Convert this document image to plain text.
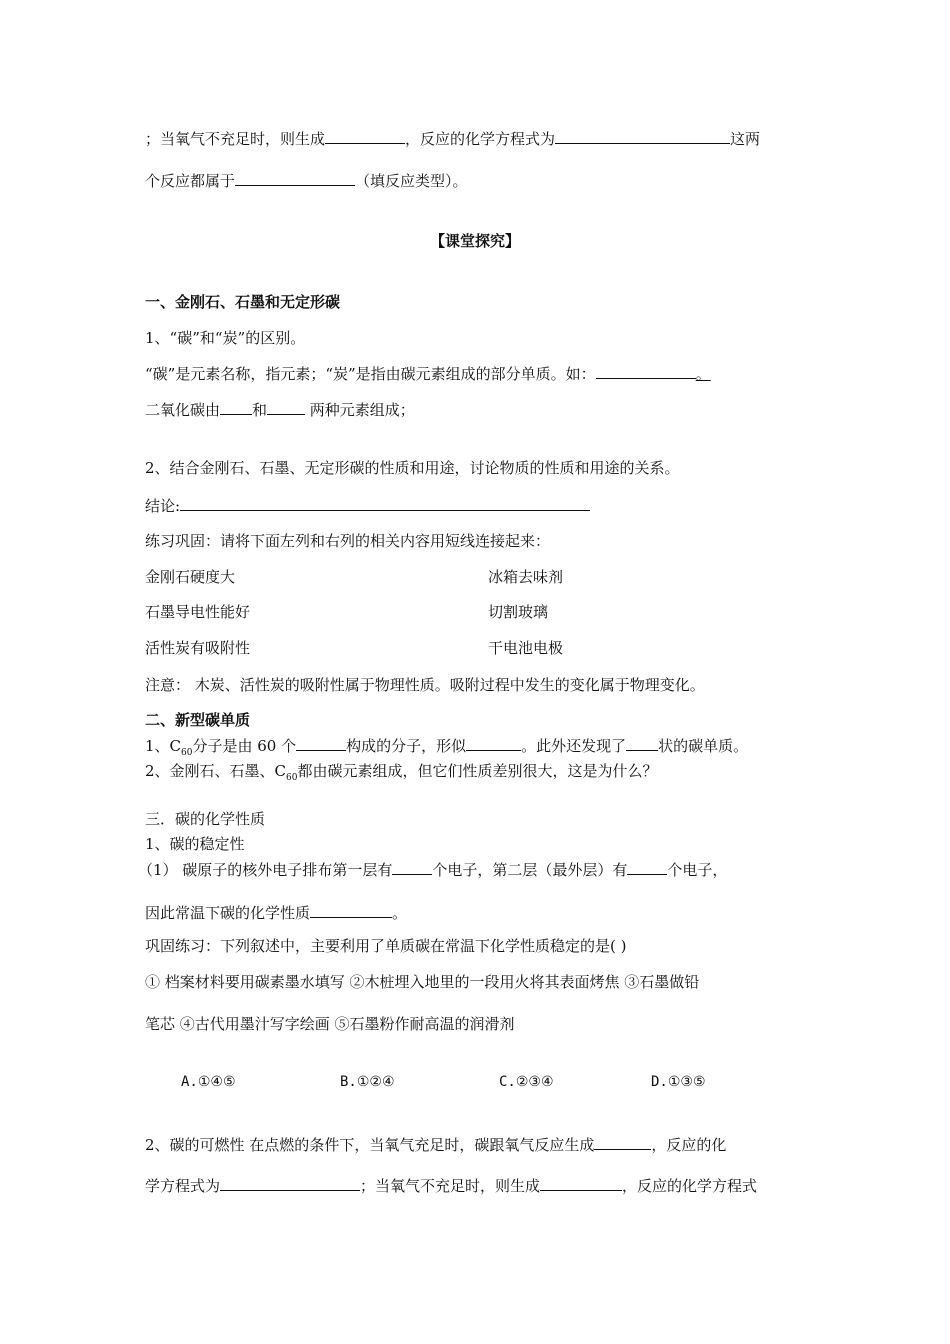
；当氧气不充足时，则生成	，反应的化学方程式为	这两
个反应都属于	（填反应类型）。
【课堂探究】
一、金刚石、石墨和无定形碳
1、“碳”和“炭”的区别。
“碳”是元素名称，指元素；“炭”是指由碳元素组成的部分单质。如：	。
二氧化碳由 和	两种元素组成；
2、结合金刚石、石墨、无定形碳的性质和用途，讨论物质的性质和用途的关系。
结论:
练习巩固：请将下面左列和右列的相关内容用短线连接起来：
金刚石硬度大	冰箱去味剂
石墨导电性能好	切割玻璃
活性炭有吸附性	干电池电极
注意： 木炭、活性炭的吸附性属于物理性质。吸附过程中发生的变化属于物理变化。
二、新型碳单质
1、$C_{60}$分子是由 60 个	构成的分子，形似	。此外还发现了 状的碳单质。
2、金刚石、石墨、$C_{60}$都由碳元素组成，但它们性质差别很大，这是为什么？
三．碳的化学性质
1、碳的稳定性
（1） 碳原子的核外电子排布第一层有	个电子，第二层（最外层）有	个电子，
因此常温下碳的化学性质	。
巩固练习：下列叙述中，主要利用了单质碳在常温下化学性质稳定的是( )
① 档案材料要用碳素墨水填写 ②木桩埋入地里的一段用火将其表面烤焦 ③石墨做铅
笔芯 ④古代用墨汁写字绘画 ⑤石墨粉作耐高温的润滑剂
A.①④⑤	B.①②④	C.②③④	D.①③⑤
2、碳的可燃性 在点燃的条件下，当氧气充足时，碳跟氧气反应生成	，反应的化
学方程式为	；当氧气不充足时，则生成	，反应的化学方程式
